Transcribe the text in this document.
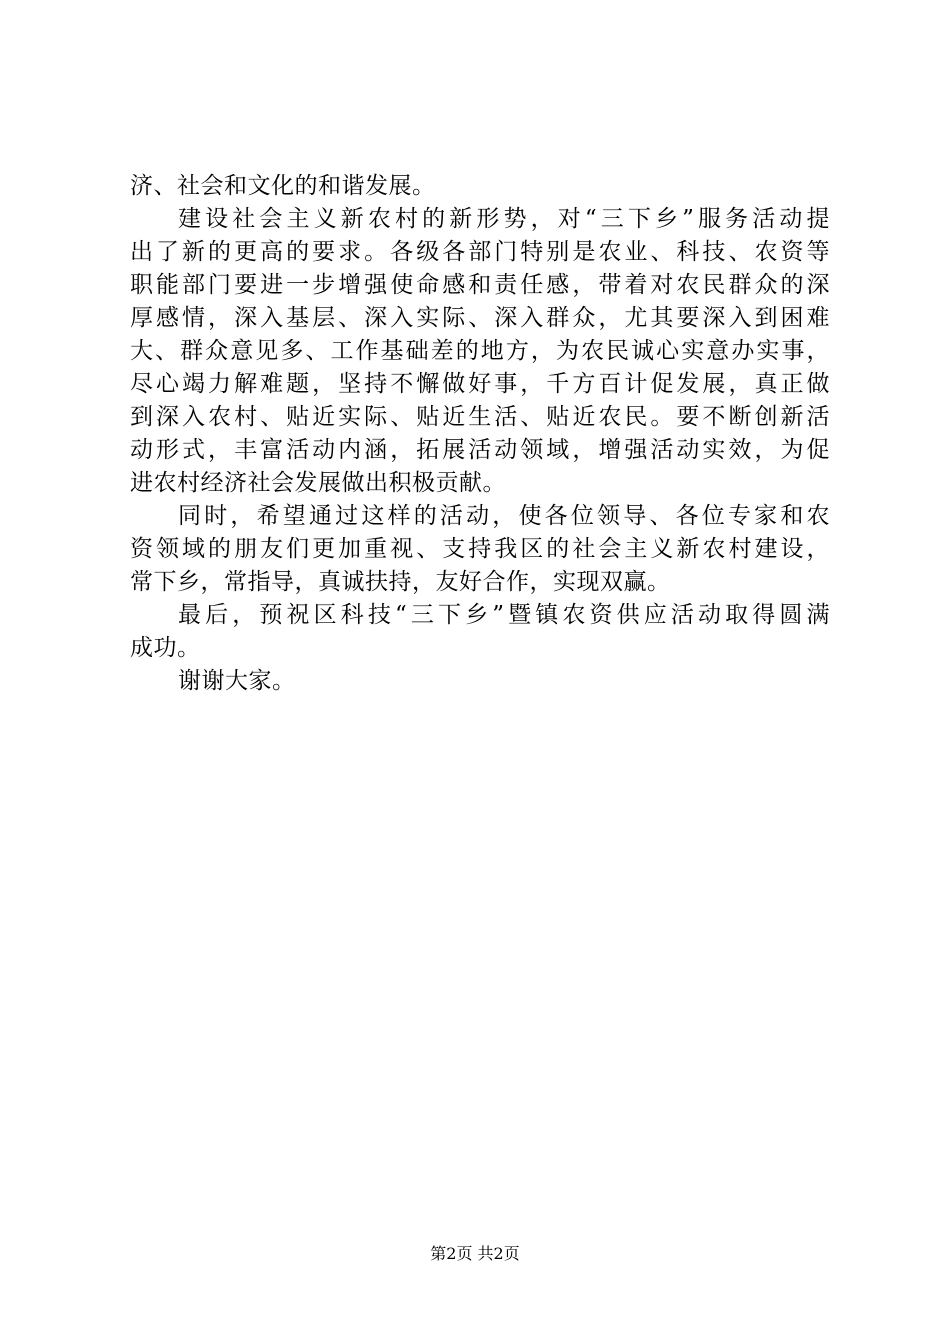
济、社会和文化的和谐发展。
建设社会主义新农村的新形势，对“三下乡”服务活动提
出了新的更高的要求。各级各部门特别是农业、科技、农资等
职能部门要进一步增强使命感和责任感，带着对农民群众的深
厚感情，深入基层、深入实际、深入群众，尤其要深入到困难
大、群众意见多、工作基础差的地方，为农民诚心实意办实事，
尽心竭力解难题，坚持不懈做好事，千方百计促发展，真正做
到深入农村、贴近实际、贴近生活、贴近农民。要不断创新活
动形式，丰富活动内涵，拓展活动领域，增强活动实效，为促
进农村经济社会发展做出积极贡献。
同时，希望通过这样的活动，使各位领导、各位专家和农
资领域的朋友们更加重视、支持我区的社会主义新农村建设，
常下乡，常指导，真诚扶持，友好合作，实现双赢。
最后，预祝区科技“三下乡”暨镇农资供应活动取得圆满
成功。
谢谢大家。
第2页 共2页
